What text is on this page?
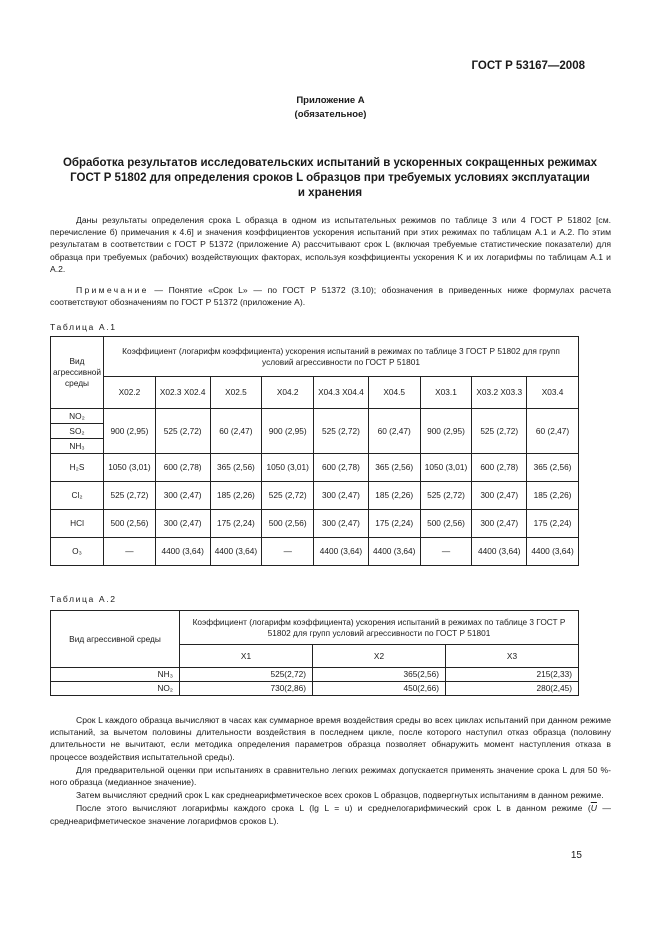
ГОСТ Р 53167—2008
Приложение А
(обязательное)
Обработка результатов исследовательских испытаний в ускоренных сокращенных режимах
ГОСТ Р 51802 для определения сроков L образцов при требуемых условиях эксплуатации
и хранения

Даны результаты определения срока L образца в одном из испытательных режимов по таблице 3 или 4 ГОСТ Р 51802 [см. перечисление б) примечания к 4.6] и значения коэффициентов ускорения испытаний при этих режимах по таблицам А.1 и А.2. По этим результатам в соответствии с ГОСТ Р 51372 (приложение А) рассчитывают срок L (включая требуемые статистические показатели) для образца при требуемых (рабочих) воздействующих факторах, используя коэффициенты ускорения K и их логарифмы по таблицам А.1 и А.2.

Примечание — Понятие «Срок L» — по ГОСТ Р 51372 (3.10); обозначения в приведенных ниже формулах расчета соответствуют обозначениям по ГОСТ Р 51372 (приложение А).
Таблица А.1
Вид агрессивной среды	Коэффициент (логарифм коэффициента) ускорения испытаний в режимах по таблице 3 ГОСТ Р 51802 для групп условий агрессивности по ГОСТ Р 51801								
	Х02.2	Х02.3 Х02.4	Х02.5	Х04.2	Х04.3 Х04.4	Х04.5	Х03.1	Х03.2 Х03.3	Х03.4
NO₂	900 (2,95)	525 (2,72)	60 (2,47)	900 (2,95)	525 (2,72)	60 (2,47)	900 (2,95)	525 (2,72)	60 (2,47)
SO₂									
NH₃									
H₂S	1050 (3,01)	600 (2,78)	365 (2,56)	1050 (3,01)	600 (2,78)	365 (2,56)	1050 (3,01)	600 (2,78)	365 (2,56)
Cl₂	525 (2,72)	300 (2,47)	185 (2,26)	525 (2,72)	300 (2,47)	185 (2,26)	525 (2,72)	300 (2,47)	185 (2,26)
HCl	500 (2,56)	300 (2,47)	175 (2,24)	500 (2,56)	300 (2,47)	175 (2,24)	500 (2,56)	300 (2,47)	175 (2,24)
O₃	—	4400 (3,64)	4400 (3,64)	—	4400 (3,64)	4400 (3,64)	—	4400 (3,64)	4400 (3,64)
Таблица А.2
Вид агрессивной среды	Коэффициент (логарифм коэффициента) ускорения испытаний в режимах по таблице 3 ГОСТ Р 51802 для групп условий агрессивности по ГОСТ Р 51801		
	Х1	Х2	Х3
NH₃	525(2,72)	365(2,56)	215(2,33)
NO₂	730(2,86)	450(2,66)	280(2,45)

Срок L каждого образца вычисляют в часах как суммарное время воздействия среды во всех циклах испытаний при данном режиме испытаний, за вычетом половины длительности воздействия в последнем цикле, после которого наступил отказ образца (половину длительности не вычитают, если методика определения параметров образца позволяет обнаружить момент наступления отказа в процессе воздействия испытательной среды).

Для предварительной оценки при испытаниях в сравнительно легких режимах допускается применять значение срока L для 50 %-ного образца (медианное значение).

Затем вычисляют средний срок L как среднеарифметическое всех сроков L образцов, подвергнутых испытаниям в данном режиме.

После этого вычисляют логарифмы каждого срока L (lg L = u) и среднелогарифмический срок L в данном режиме ($\overline{U}$ — среднеарифметическое значение логарифмов сроков L).

15
